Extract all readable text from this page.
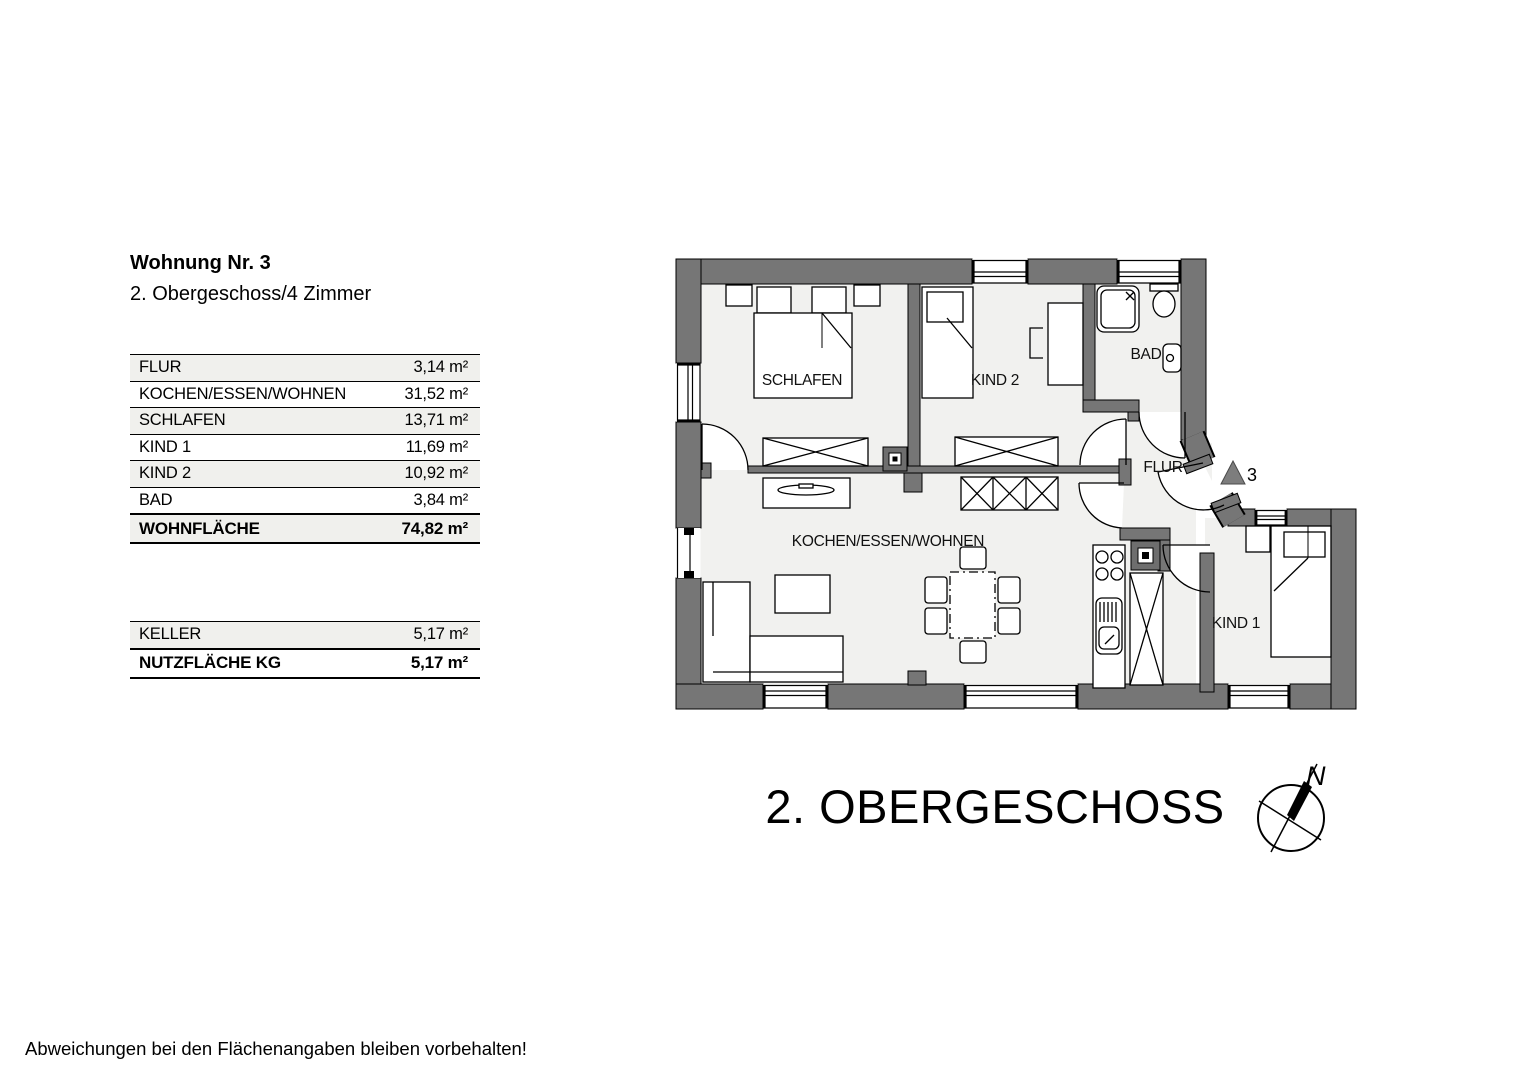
Wohnung Nr. 3
2. Obergeschoss/4 Zimmer
FLUR	3,14 m²
KOCHEN/ESSEN/WOHNEN	31,52 m²
SCHLAFEN	13,71 m²
KIND 1	11,69 m²
KIND 2	10,92 m²
BAD	3,84 m²
WOHNFLÄCHE	74,82 m²
KELLER	5,17 m²
NUTZFLÄCHE KG	5,17 m²
2. OBERGESCHOSS
Abweichungen bei den Flächenangaben bleiben vorbehalten!
SCHLAFEN	KIND 2
BAD
FLUR
KOCHEN/ESSEN/WOHNEN
KIND 1
3
N
